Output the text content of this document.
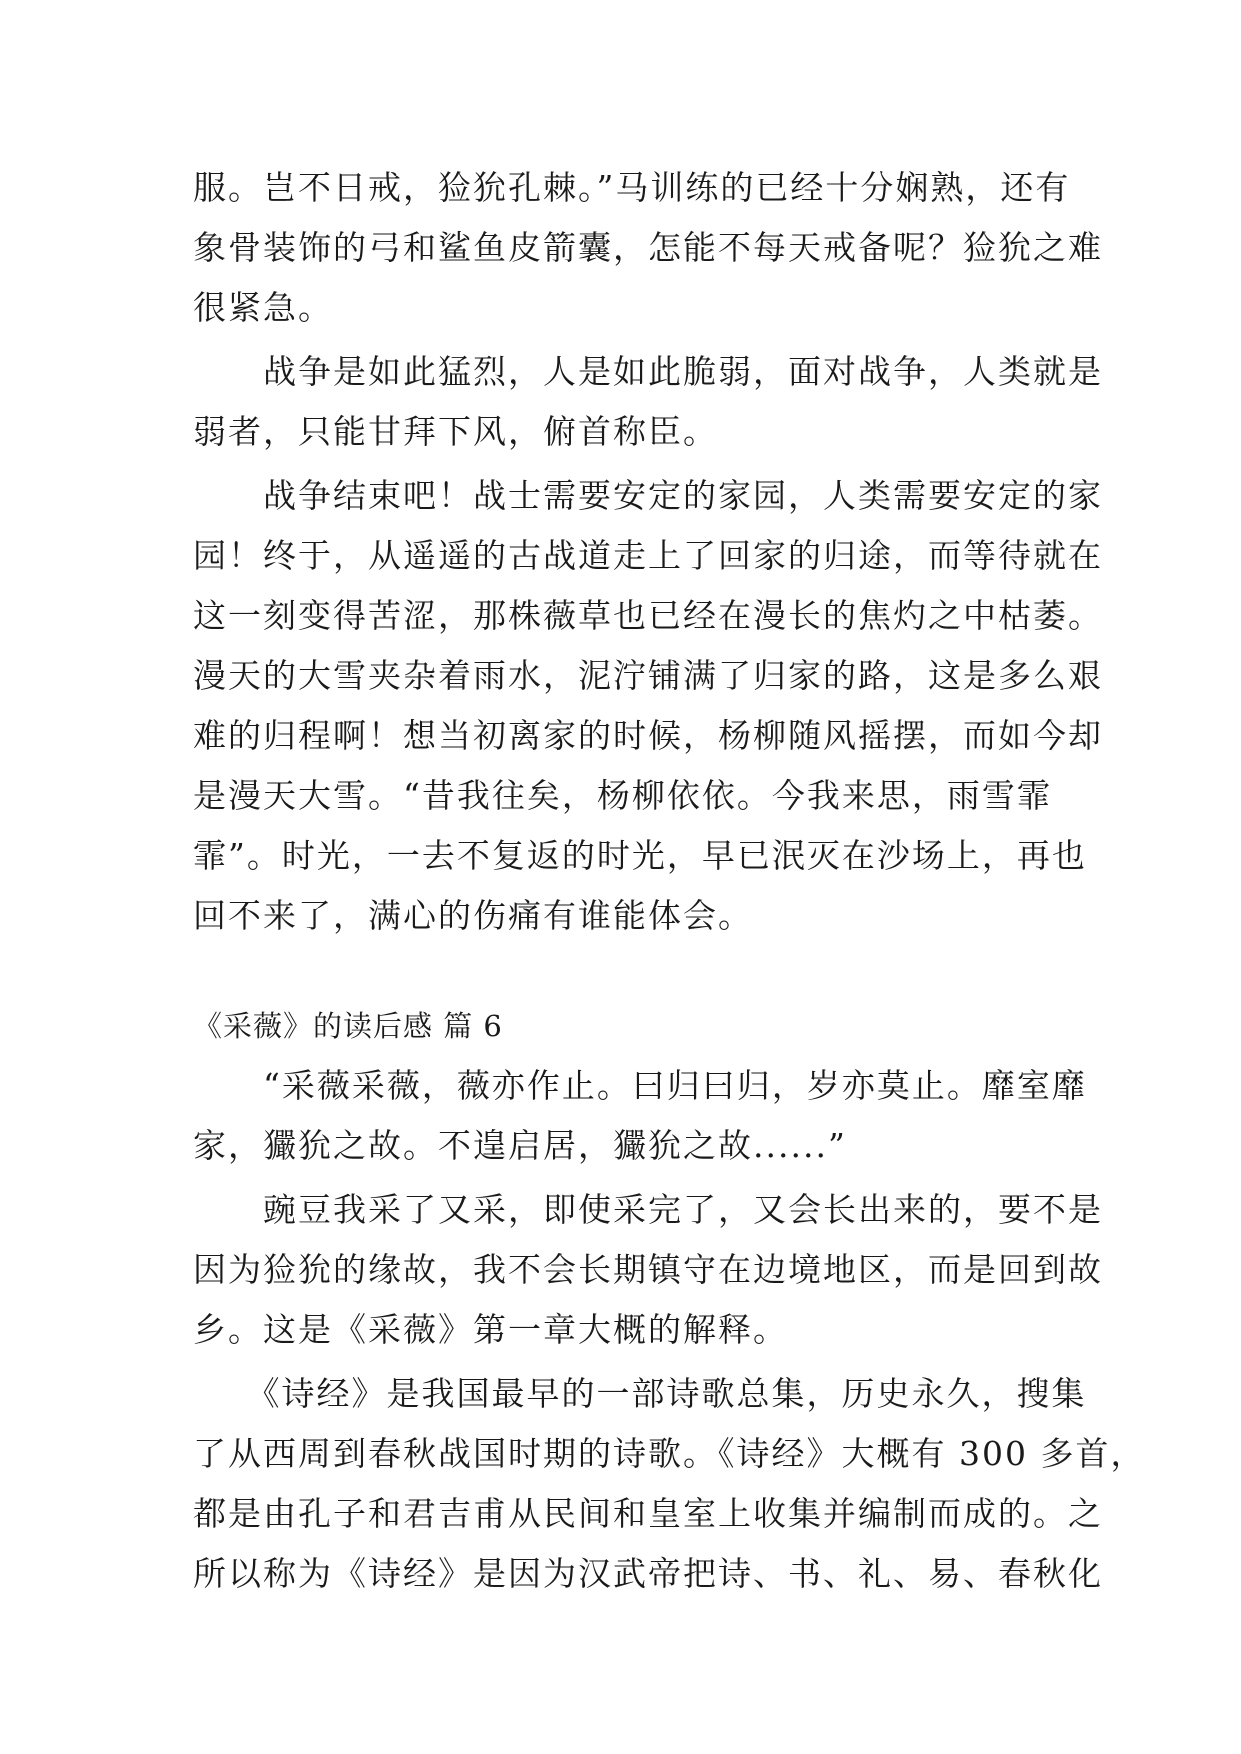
服。岂不日戒，猃狁孔棘。”马训练的已经十分娴熟，还有
象骨装饰的弓和鲨鱼皮箭囊，怎能不每天戒备呢？猃狁之难
很紧急。
　　战争是如此猛烈，人是如此脆弱，面对战争，人类就是
弱者，只能甘拜下风，俯首称臣。
　　战争结束吧！战士需要安定的家园，人类需要安定的家
园！终于，从遥遥的古战道走上了回家的归途，而等待就在
这一刻变得苦涩，那株薇草也已经在漫长的焦灼之中枯萎。
漫天的大雪夹杂着雨水，泥泞铺满了归家的路，这是多么艰
难的归程啊！想当初离家的时候，杨柳随风摇摆，而如今却
是漫天大雪。“昔我往矣，杨柳依依。今我来思，雨雪霏
霏”。时光，一去不复返的时光，早已泯灭在沙场上，再也
回不来了，满心的伤痛有谁能体会。
《采薇》的读后感 篇 6
　　“采薇采薇，薇亦作止。曰归曰归，岁亦莫止。靡室靡
家，玁狁之故。不遑启居，玁狁之故......”
　　豌豆我采了又采，即使采完了，又会长出来的，要不是
因为猃狁的缘故，我不会长期镇守在边境地区，而是回到故
乡。这是《采薇》第一章大概的解释。
　　《诗经》是我国最早的一部诗歌总集，历史永久，搜集
了从西周到春秋战国时期的诗歌。《诗经》大概有 300 多首，
都是由孔子和君吉甫从民间和皇室上收集并编制而成的。之
所以称为《诗经》是因为汉武帝把诗、书、礼、易、春秋化
